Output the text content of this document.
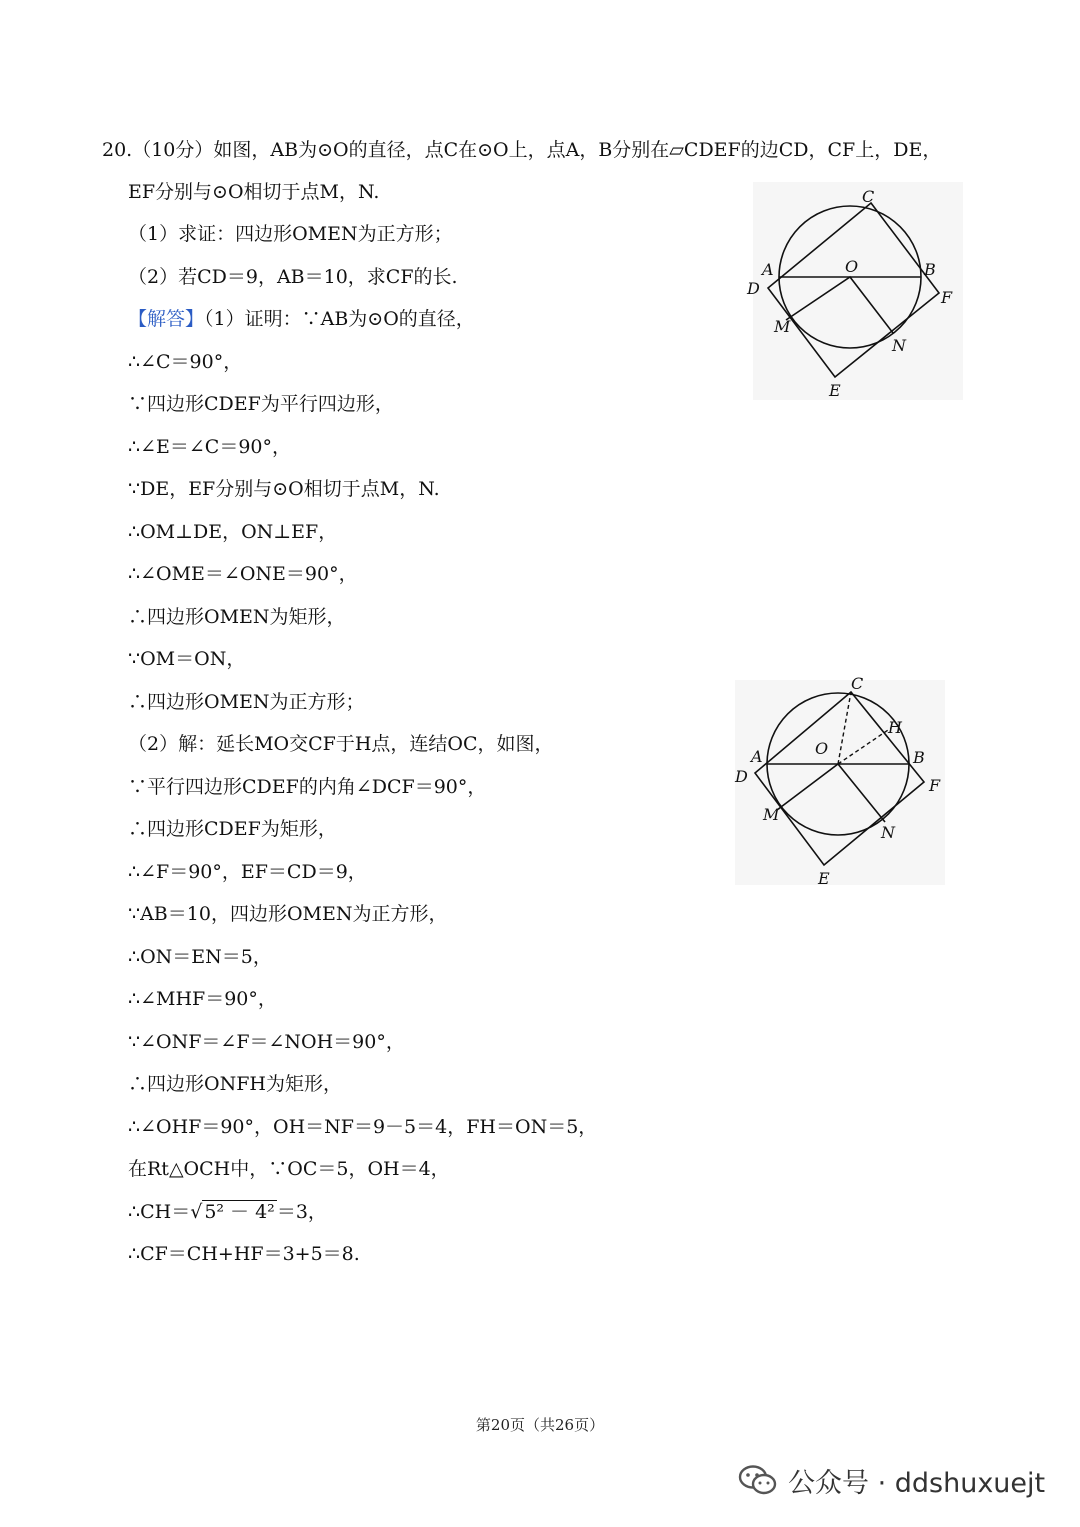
20.（10分）如图，AB为⊙O的直径，点C在⊙O上，点A，B分别在▱CDEF的边CD，CF上，DE，
EF分别与⊙O相切于点M，N.
（1）求证：四边形OMEN为正方形；
（2）若CD＝9，AB＝10，求CF的长.
【解答】（1）证明：∵AB为⊙O的直径，
∴∠C＝90°，
∵四边形CDEF为平行四边形，
∴∠E＝∠C＝90°，
∵DE，EF分别与⊙O相切于点M，N.
∴OM⊥DE，ON⊥EF，
∴∠OME＝∠ONE＝90°，
∴四边形OMEN为矩形，
∵OM＝ON，
∴四边形OMEN为正方形；
（2）解：延长MO交CF于H点，连结OC，如图，
∵平行四边形CDEF的内角∠DCF＝90°，
∴四边形CDEF为矩形，
∴∠F＝90°，EF＝CD＝9，
∵AB＝10，四边形OMEN为正方形，
∴ON＝EN＝5，
∴∠MHF＝90°，
∵∠ONF＝∠F＝∠NOH＝90°，
∴四边形ONFH为矩形，
∴∠OHF＝90°，OH＝NF＝9－5＝4，FH＝ON＝5，
在Rt△OCH中，∵OC＝5，OH＝4，
∴CH＝√ 5² － 4² ＝3，
∴CF＝CH+HF＝3+5＝8.
C
A	O	B
D	F
M
N
E
C
H
A	O	B
D	F
M
N
E
第20页（共26页）
公众号 · ddshuxuejt
